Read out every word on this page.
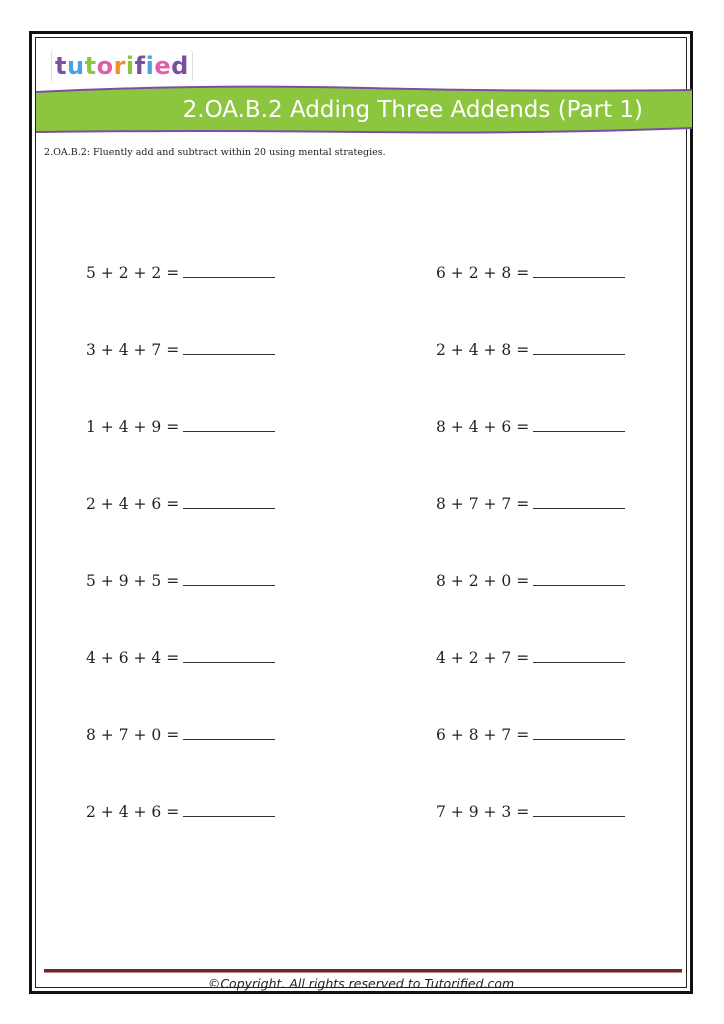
tutorified
2.OA.B.2 Adding Three Addends (Part 1)
2.OA.B.2: Fluently add and subtract within 20 using mental strategies.
5 + 2 + 2 =
3 + 4 + 7 =
1 + 4 + 9 =
2 + 4 + 6 =
5 + 9 + 5 =
4 + 6 + 4 =
8 + 7 + 0 =
2 + 4 + 6 =
6 + 2 + 8 =
2 + 4 + 8 =
8 + 4 + 6 =
8 + 7 + 7 =
8 + 2 + 0 =
4 + 2 + 7 =
6 + 8 + 7 =
7 + 9 + 3 =
©Copyright. All rights reserved to Tutorified.com
